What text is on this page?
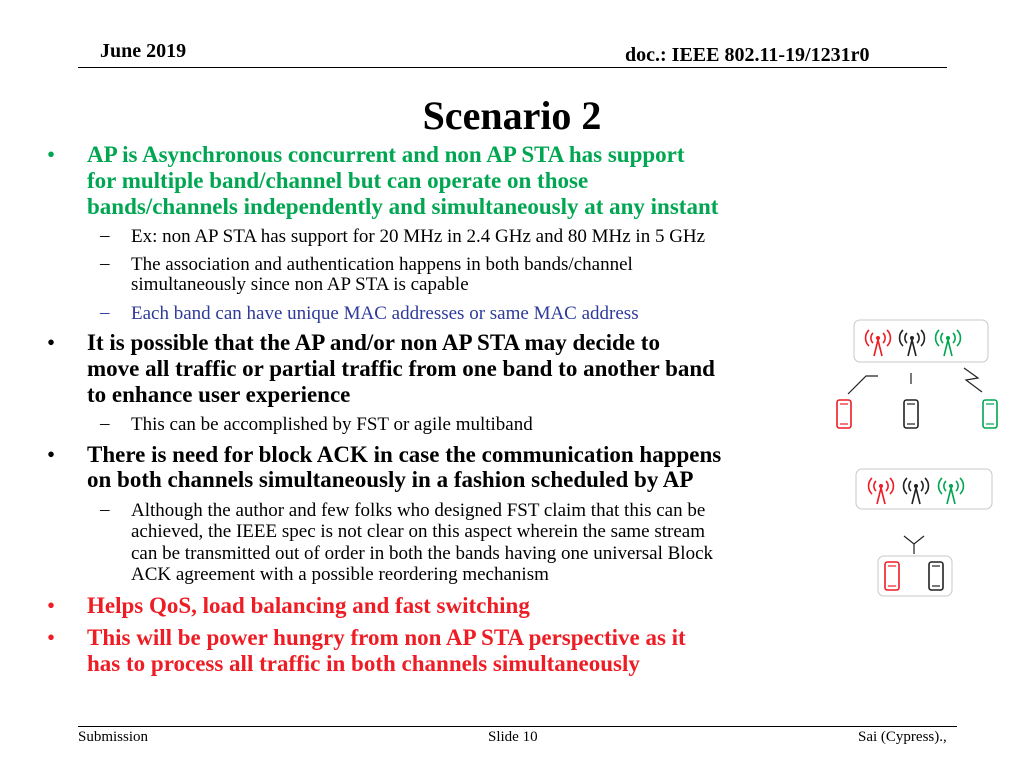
June 2019	doc.: IEEE 802.11-19/1231r0
Scenario 2
• AP is Asynchronous concurrent and non AP STA has support
for multiple band/channel but can operate on those
bands/channels independently and simultaneously at any instant
– Ex: non AP STA has support for 20 MHz in 2.4 GHz and 80 MHz in 5 GHz
– The association and authentication happens in both bands/channel
simultaneously since non AP STA is capable
– Each band can have unique MAC addresses or same MAC address
• It is possible that the AP and/or non AP STA may decide to
move all traffic or partial traffic from one band to another band
to enhance user experience
– This can be accomplished by FST or agile multiband
• There is need for block ACK in case the communication happens
on both channels simultaneously in a fashion scheduled by AP
– Although the author and few folks who designed FST claim that this can be
achieved, the IEEE spec is not clear on this aspect wherein the same stream
can be transmitted out of order in both the bands having one universal Block
ACK agreement with a possible reordering mechanism
• Helps QoS, load balancing and fast switching
• This will be power hungry from non AP STA perspective as it
has to process all traffic in both channels simultaneously
Submission	Slide 10	Sai (Cypress).,
